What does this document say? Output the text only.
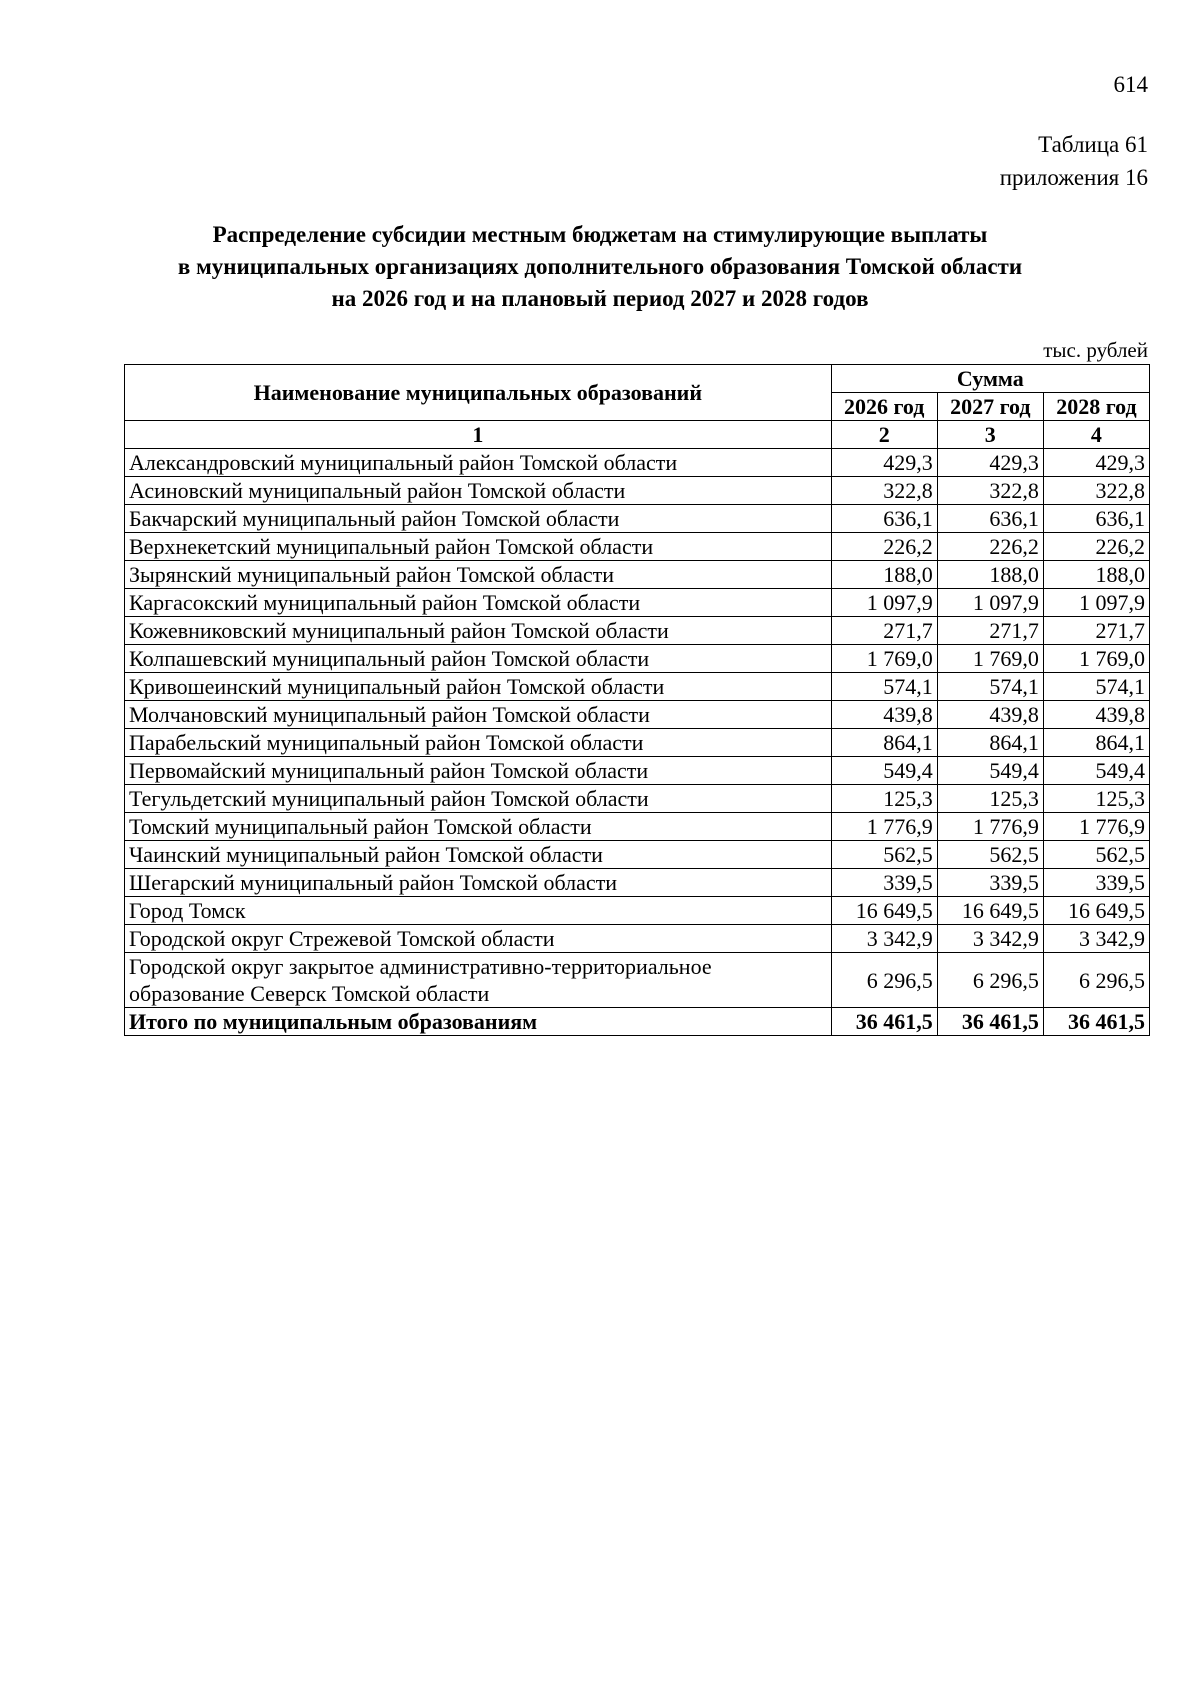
614
Таблица 61
приложения 16
Распределение субсидии местным бюджетам на стимулирующие выплаты
в муниципальных организациях дополнительного образования Томской области
на 2026 год и на плановый период 2027 и 2028 годов
тыс. рублей
Наименование муниципальных образований	Сумма		
	2026 год	2027 год	2028 год
1	2	3	4
Александровский муниципальный район Томской области	429,3	429,3	429,3
Асиновский муниципальный район Томской области	322,8	322,8	322,8
Бакчарский муниципальный район Томской области	636,1	636,1	636,1
Верхнекетский муниципальный район Томской области	226,2	226,2	226,2
Зырянский муниципальный район Томской области	188,0	188,0	188,0
Каргасокский муниципальный район Томской области	1 097,9	1 097,9	1 097,9
Кожевниковский муниципальный район Томской области	271,7	271,7	271,7
Колпашевский муниципальный район Томской области	1 769,0	1 769,0	1 769,0
Кривошеинский муниципальный район Томской области	574,1	574,1	574,1
Молчановский муниципальный район Томской области	439,8	439,8	439,8
Парабельский муниципальный район Томской области	864,1	864,1	864,1
Первомайский муниципальный район Томской области	549,4	549,4	549,4
Тегульдетский муниципальный район Томской области	125,3	125,3	125,3
Томский муниципальный район Томской области	1 776,9	1 776,9	1 776,9
Чаинский муниципальный район Томской области	562,5	562,5	562,5
Шегарский муниципальный район Томской области	339,5	339,5	339,5
Город Томск	16 649,5	16 649,5	16 649,5
Городской округ Стрежевой Томской области	3 342,9	3 342,9	3 342,9
Городской округ закрытое административно-территориальное образование Северск Томской области	6 296,5	6 296,5	6 296,5
Итого по муниципальным образованиям	36 461,5	36 461,5	36 461,5
